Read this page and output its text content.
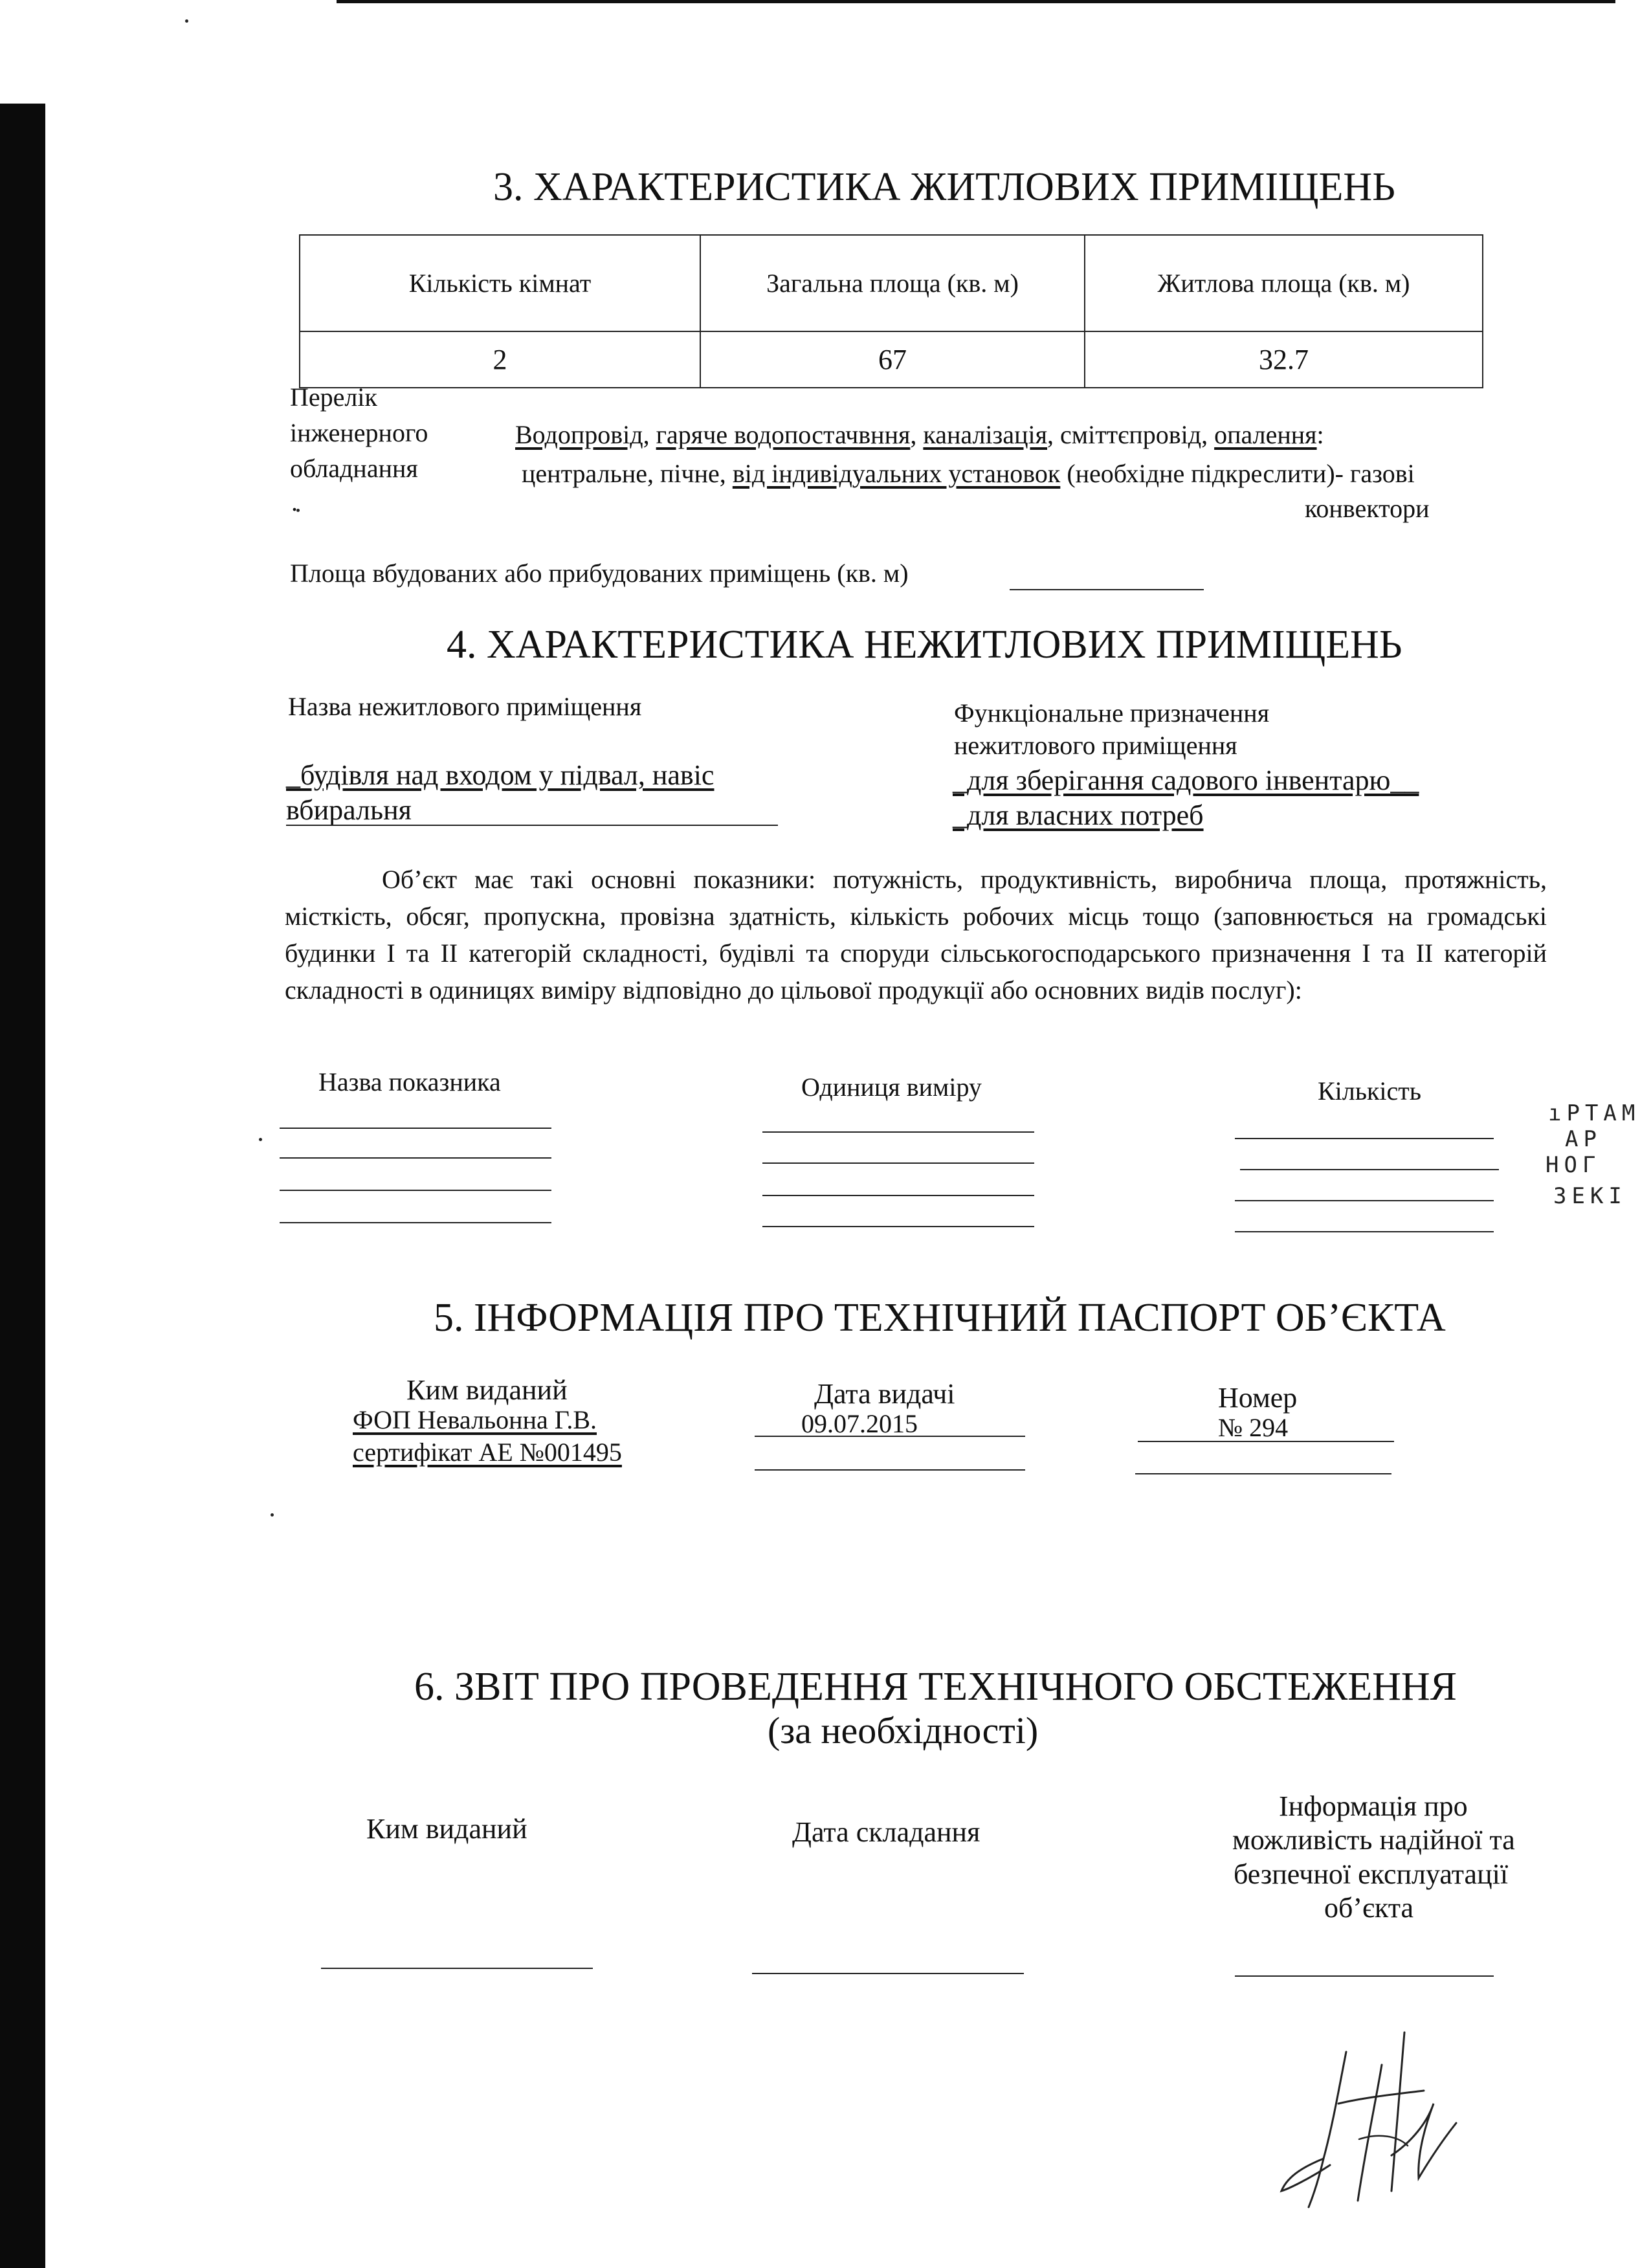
3. ХАРАКТЕРИСТИКА ЖИТЛОВИХ ПРИМІЩЕНЬ
Кількість кімнат	Загальна площа (кв. м)	Житлова площа (кв. м)
2	67	32.7
Перелік
інженерного
обладнання
.
Водопровід, гаряче водопостачвння, каналізація, сміттєпровід, опалення:
центральне, пічне, від індивідуальних установок (необхідне підкреслити)- газові
конвектори
Площа вбудованих або прибудованих приміщень (кв. м)
4. ХАРАКТЕРИСТИКА НЕЖИТЛОВИХ ПРИМІЩЕНЬ
Назва нежитлового приміщення	Функціональне призначення
нежитлового приміщення
_будівля над входом у підвал, навіс
вбиральня
_для зберігання садового інвентарю__
_для власних потреб

Об’єкт має такі основні показники: потужність, продуктивність, виробнича площа, протяжність, місткість, обсяг, пропускна, провізна здатність, кількість робочих місць тощо (заповнюється на громадські будинки І та ІІ категорій складності, будівлі та споруди сільськогосподарського призначення І та ІІ категорій складності в одиницях виміру відповідно до цільової продукції або основних видів послуг):

Назва показника	Одиниця виміру	Кількість
ıРТАМ
АР
НОГ
ЗЕКІ
5. ІНФОРМАЦІЯ ПРО ТЕХНІЧНИЙ ПАСПОРТ ОБ’ЄКТА
Ким виданий
ФОП Невальонна Г.В.
сертифікат АЕ №001495
Дата видачі
09.07.2015
Номер
№ 294
6. ЗВІТ ПРО ПРОВЕДЕННЯ ТЕХНІЧНОГО ОБСТЕЖЕННЯ
(за необхідності)
Ким виданий	Дата складання
Інформація про
можливість надійної та
безпечної експлуатації
об’єкта
